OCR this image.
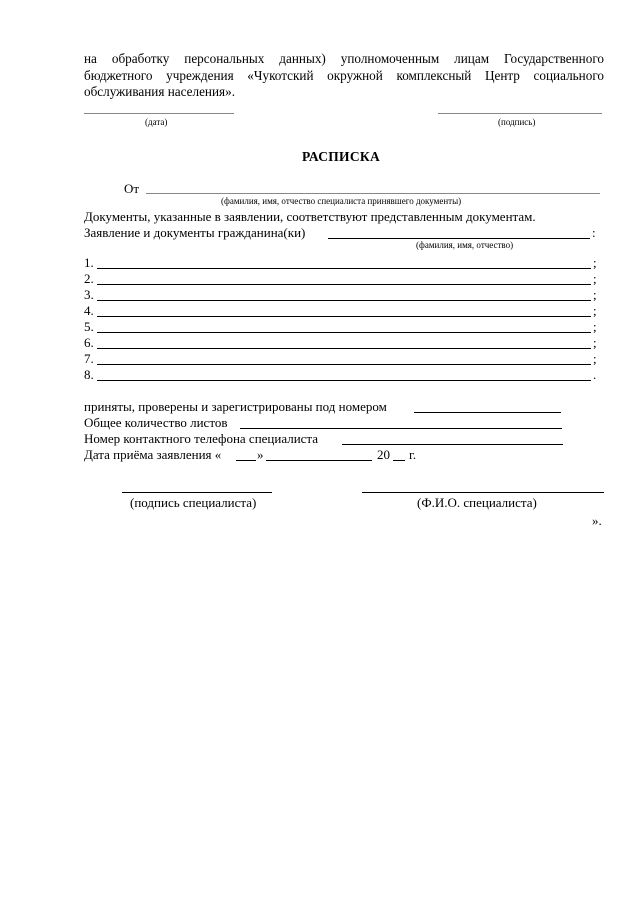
на обработку персональных данных) уполномоченным лицам Государственного
бюджетного учреждения «Чукотский окружной комплексный Центр социального
обслуживания населения».
(дата)	(подпись)
РАСПИСКА
От
(фамилия, имя, отчество специалиста принявшего документы)
Документы, указанные в заявлении, соответствуют представленным документам.
Заявление и документы гражданина(ки)	:
(фамилия, имя, отчество)
1.	;
2.	;
3.	;
4.	;
5.	;
6.	;
7.	;
8.	.
приняты, проверены и зарегистрированы под номером
Общее количество листов
Номер контактного телефона специалиста
Дата приёма заявления «	»	20 г.
(подпись специалиста)	(Ф.И.О. специалиста)
».
